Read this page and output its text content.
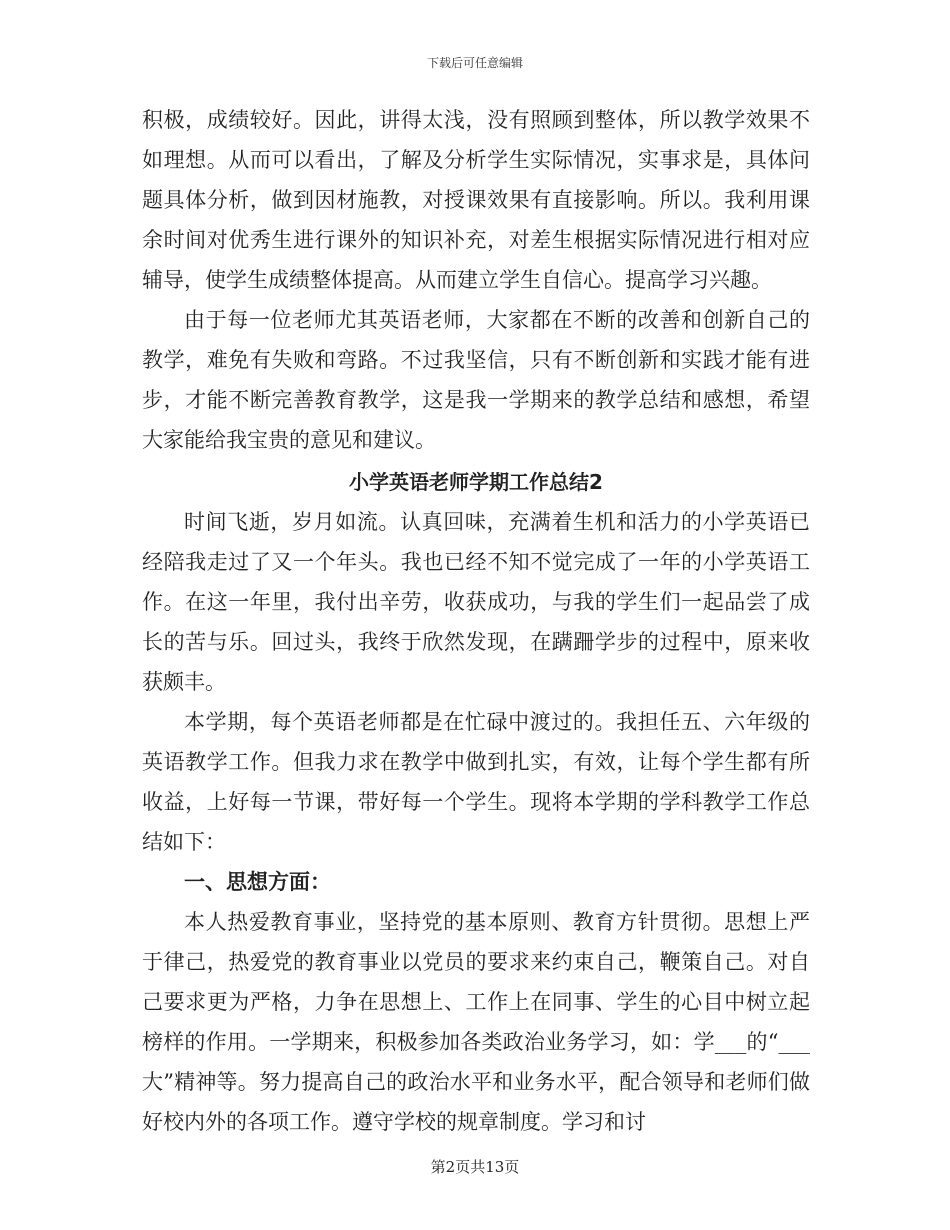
下载后可任意编辑

积极，成绩较好。因此，讲得太浅，没有照顾到整体，所以教学效果不如理想。从而可以看出，了解及分析学生实际情况，实事求是，具体问题具体分析，做到因材施教，对授课效果有直接影响。所以。我利用课余时间对优秀生进行课外的知识补充，对差生根据实际情况进行相对应辅导，使学生成绩整体提高。从而建立学生自信心。提高学习兴趣。

由于每一位老师尤其英语老师，大家都在不断的改善和创新自己的教学，难免有失败和弯路。不过我坚信，只有不断创新和实践才能有进步，才能不断完善教育教学，这是我一学期来的教学总结和感想，希望大家能给我宝贵的意见和建议。

小学英语老师学期工作总结2

时间飞逝，岁月如流。认真回味，充满着生机和活力的小学英语已经陪我走过了又一个年头。我也已经不知不觉完成了一年的小学英语工作。在这一年里，我付出辛劳，收获成功，与我的学生们一起品尝了成长的苦与乐。回过头，我终于欣然发现，在蹒跚学步的过程中，原来收获颇丰。

本学期，每个英语老师都是在忙碌中渡过的。我担任五、六年级的英语教学工作。但我力求在教学中做到扎实，有效，让每个学生都有所收益，上好每一节课，带好每一个学生。现将本学期的学科教学工作总结如下：

一、思想方面：

本人热爱教育事业，坚持党的基本原则、教育方针贯彻。思想上严于律己，热爱党的教育事业以党员的要求来约束自己，鞭策自己。对自己要求更为严格，力争在思想上、工作上在同事、学生的心目中树立起榜样的作用。一学期来，积极参加各类政治业务学习，如：学___的“___大”精神等。努力提高自己的政治水平和业务水平，配合领导和老师们做好校内外的各项工作。遵守学校的规章制度。学习和讨

第2页共13页
